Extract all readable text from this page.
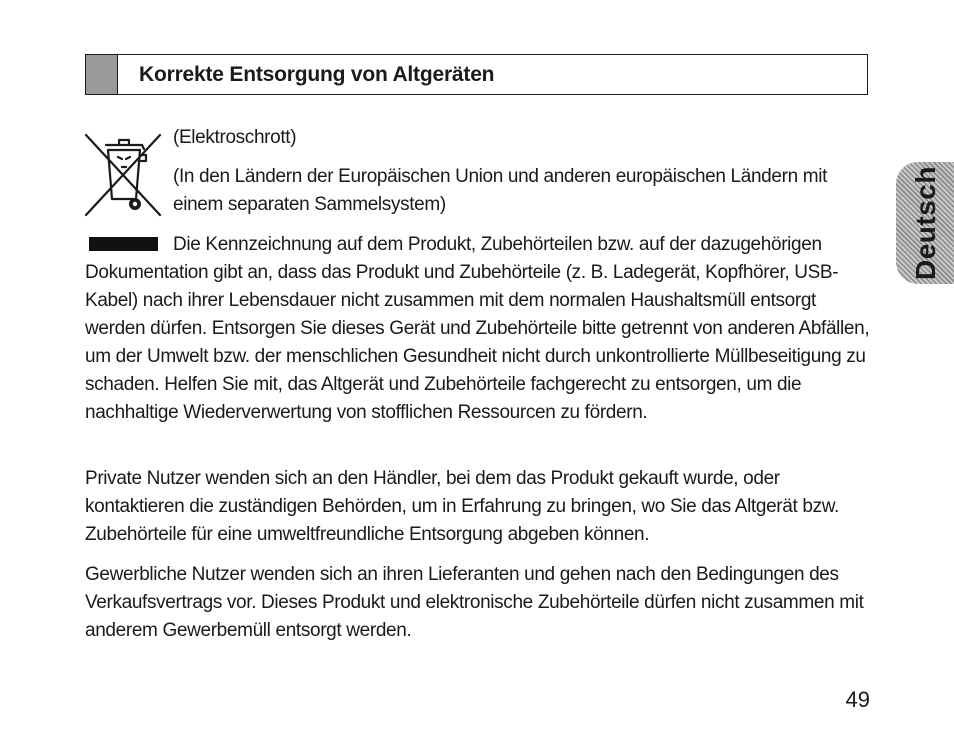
Korrekte Entsorgung von Altgeräten
Deutsch

(Elektroschrott)

(In den Ländern der Europäischen Union und anderen europäischen Ländern mit einem separaten Sammelsystem)

Die Kennzeichnung auf dem Produkt, Zubehörteilen bzw. auf der dazugehörigen Dokumentation gibt an, dass das Produkt und Zubehörteile (z. B. Ladegerät, Kopfhörer, USB-Kabel) nach ihrer Lebensdauer nicht zusammen mit dem normalen Haushaltsmüll entsorgt werden dürfen. Entsorgen Sie dieses Gerät und Zubehörteile bitte getrennt von anderen Abfällen, um der Umwelt bzw. der menschlichen Gesundheit nicht durch unkontrollierte Müllbeseitigung zu schaden. Helfen Sie mit, das Altgerät und Zubehörteile fachgerecht zu entsorgen, um die nachhaltige Wiederverwertung von stofflichen Ressourcen zu fördern.

Private Nutzer wenden sich an den Händler, bei dem das Produkt gekauft wurde, oder kontaktieren die zuständigen Behörden, um in Erfahrung zu bringen, wo Sie das Altgerät bzw. Zubehörteile für eine umweltfreundliche Entsorgung abgeben können.

Gewerbliche Nutzer wenden sich an ihren Lieferanten und gehen nach den Bedingungen des Verkaufsvertrags vor. Dieses Produkt und elektronische Zubehörteile dürfen nicht zusammen mit anderem Gewerbemüll entsorgt werden.

49
